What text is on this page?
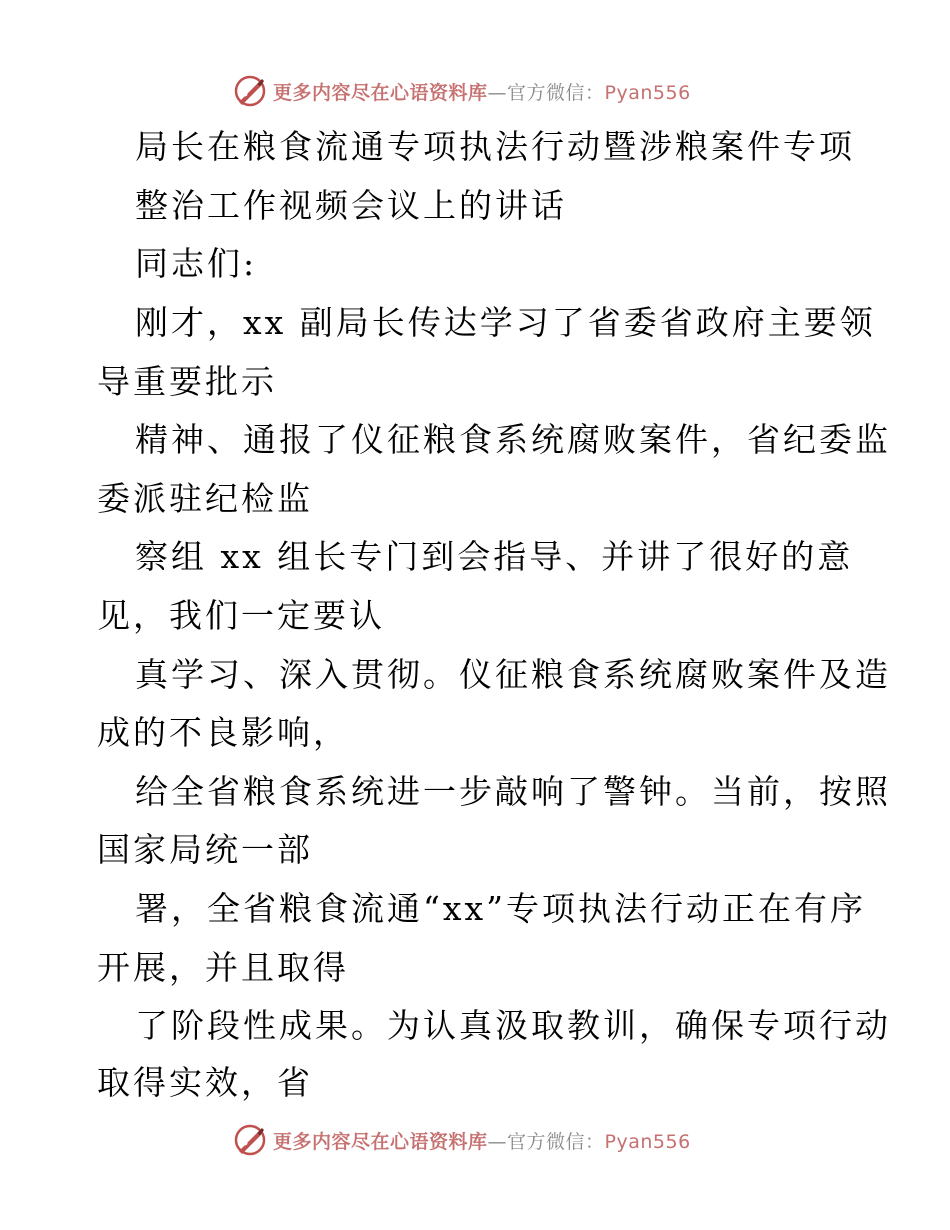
更多内容尽在心语资料库—官方微信：Pyan556
局长在粮食流通专项执法行动暨涉粮案件专项
整治工作视频会议上的讲话
同志们:
刚才，xx 副局长传达学习了省委省政府主要领
导重要批示
精神、通报了仪征粮食系统腐败案件，省纪委监
委派驻纪检监
察组 xx 组长专门到会指导、并讲了很好的意
见，我们一定要认
真学习、深入贯彻。仪征粮食系统腐败案件及造
成的不良影响，
给全省粮食系统进一步敲响了警钟。当前，按照
国家局统一部
署，全省粮食流通“xx”专项执法行动正在有序
开展，并且取得
了阶段性成果。为认真汲取教训，确保专项行动
取得实效，省
更多内容尽在心语资料库—官方微信：Pyan556
